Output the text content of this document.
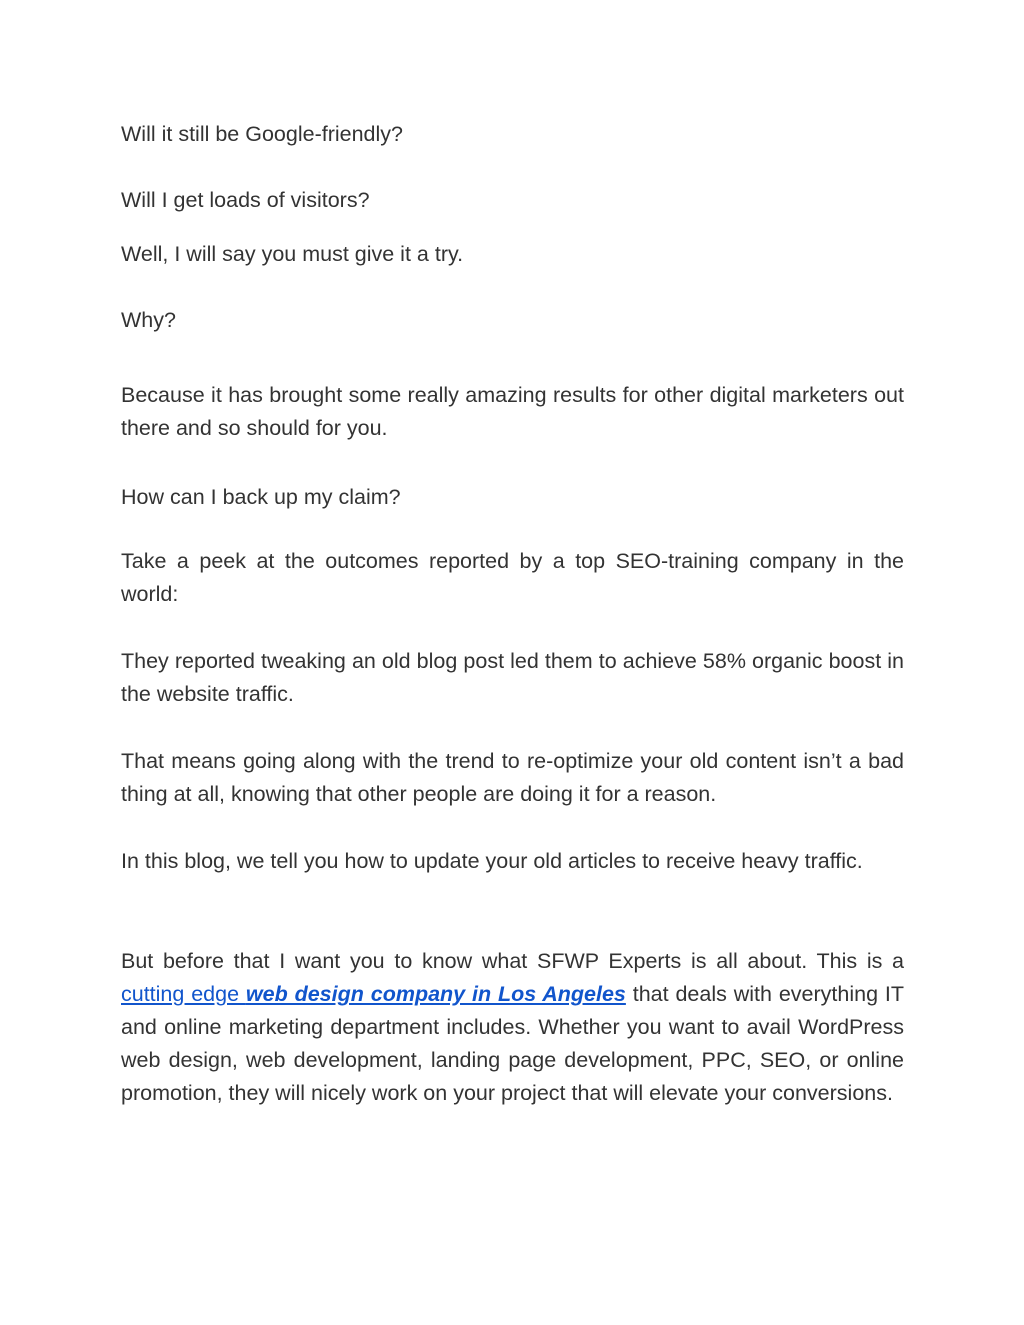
Will it still be Google-friendly?

Will I get loads of visitors?

Well, I will say you must give it a try.

Why?

Because it has brought some really amazing results for other digital marketers out there and so should for you.

How can I back up my claim?

Take a peek at the outcomes reported by a top SEO-training company in the world:

They reported tweaking an old blog post led them to achieve 58% organic boost in the website traffic.

That means going along with the trend to re-optimize your old content isn’t a bad thing at all, knowing that other people are doing it for a reason.

In this blog, we tell you how to update your old articles to receive heavy traffic.

But before that I want you to know what SFWP Experts is all about. This is a cutting edge web design company in Los Angeles that deals with everything IT and online marketing department includes. Whether you want to avail WordPress web design, web development, landing page development, PPC, SEO, or online promotion, they will nicely work on your project that will elevate your conversions.
